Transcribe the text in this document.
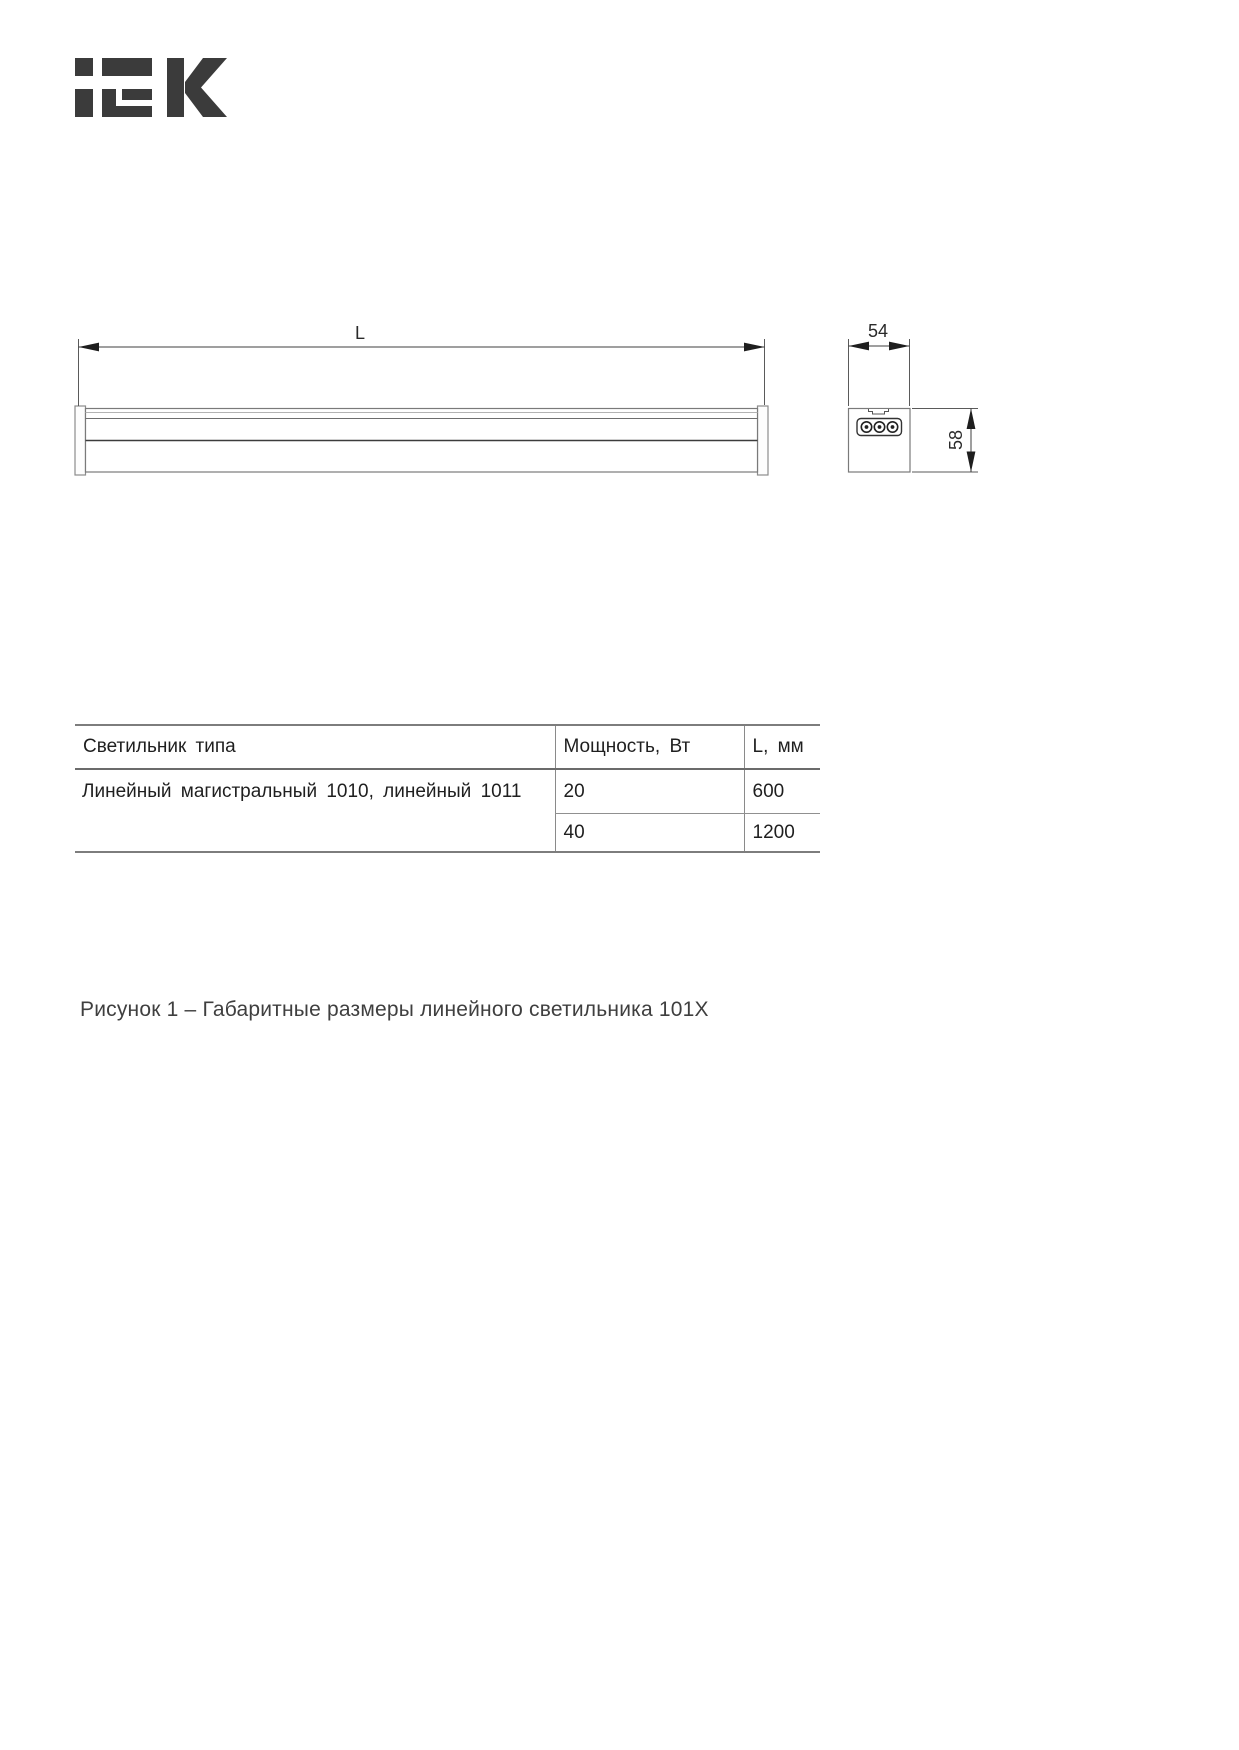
L	54
58
Светильник типа	Мощность, Вт	L, мм
Линейный магистральный 1010, линейный 1011	20	600
	40	1200
Рисунок 1 – Габаритные размеры линейного светильника 101Х
